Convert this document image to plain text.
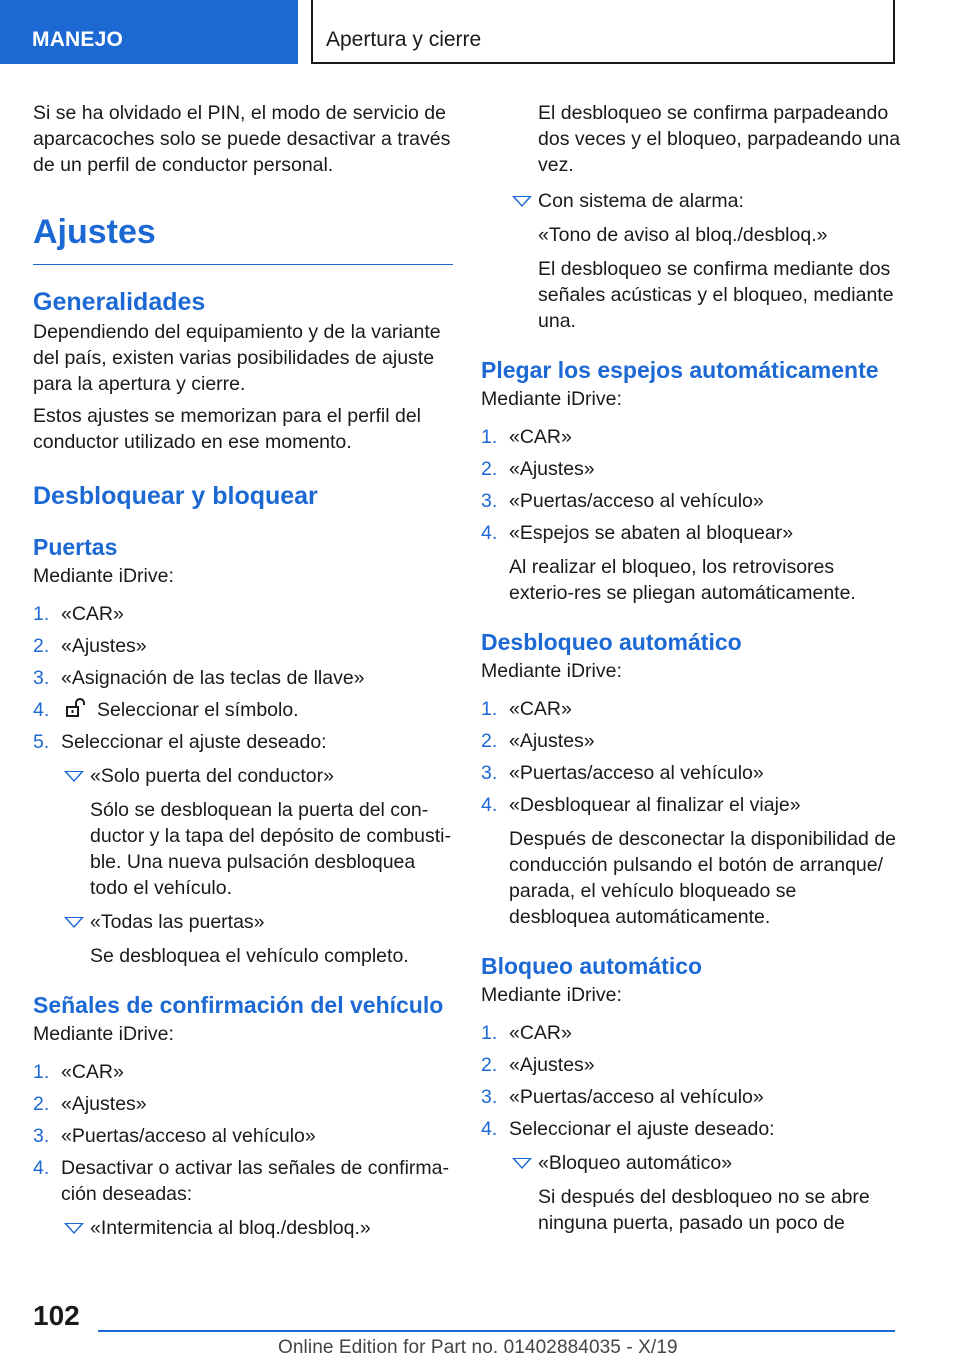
MANEJO	Apertura y cierre

Si se ha olvidado el PIN, el modo de servicio de aparcacoches solo se puede desactivar a través de un perfil de conductor personal.

Ajustes
Generalidades

Dependiendo del equipamiento y de la variante del país, existen varias posibilidades de ajuste para la apertura y cierre.

Estos ajustes se memorizan para el perfil del conductor utilizado en ese momento.

Desbloquear y bloquear
Puertas

Mediante iDrive:

1. «CAR»
2. «Ajustes»
3. «Asignación de las teclas de llave»
4. Seleccionar el símbolo.
5. Seleccionar el ajuste deseado:
«Solo puerta del conductor»
Sólo se desbloquean la puerta del con-ductor y la tapa del depósito de combusti-ble. Una nueva pulsación desbloquea todo el vehículo.
«Todas las puertas»
Se desbloquea el vehículo completo.
Señales de confirmación del vehículo

Mediante iDrive:

1. «CAR»
2. «Ajustes»
3. «Puertas/acceso al vehículo»
4. Desactivar o activar las señales de confirma-ción deseadas:
«Intermitencia al bloq./desbloq.»
El desbloqueo se confirma parpadeando dos veces y el bloqueo, parpadeando una vez.
Con sistema de alarma:
«Tono de aviso al bloq./desbloq.»
El desbloqueo se confirma mediante dos señales acústicas y el bloqueo, mediante una.
Plegar los espejos automáticamente

Mediante iDrive:

1. «CAR»
2. «Ajustes»
3. «Puertas/acceso al vehículo»
4. «Espejos se abaten al bloquear»
Al realizar el bloqueo, los retrovisores exterio-res se pliegan automáticamente.
Desbloqueo automático

Mediante iDrive:

1. «CAR»
2. «Ajustes»
3. «Puertas/acceso al vehículo»
4. «Desbloquear al finalizar el viaje»
Después de desconectar la disponibilidad de conducción pulsando el botón de arranque/ parada, el vehículo bloqueado se desbloquea automáticamente.
Bloqueo automático

Mediante iDrive:

1. «CAR»
2. «Ajustes»
3. «Puertas/acceso al vehículo»
4. Seleccionar el ajuste deseado:
«Bloqueo automático»
Si después del desbloqueo no se abre ninguna puerta, pasado un poco de
102
Online Edition for Part no. 01402884035 - X/19
